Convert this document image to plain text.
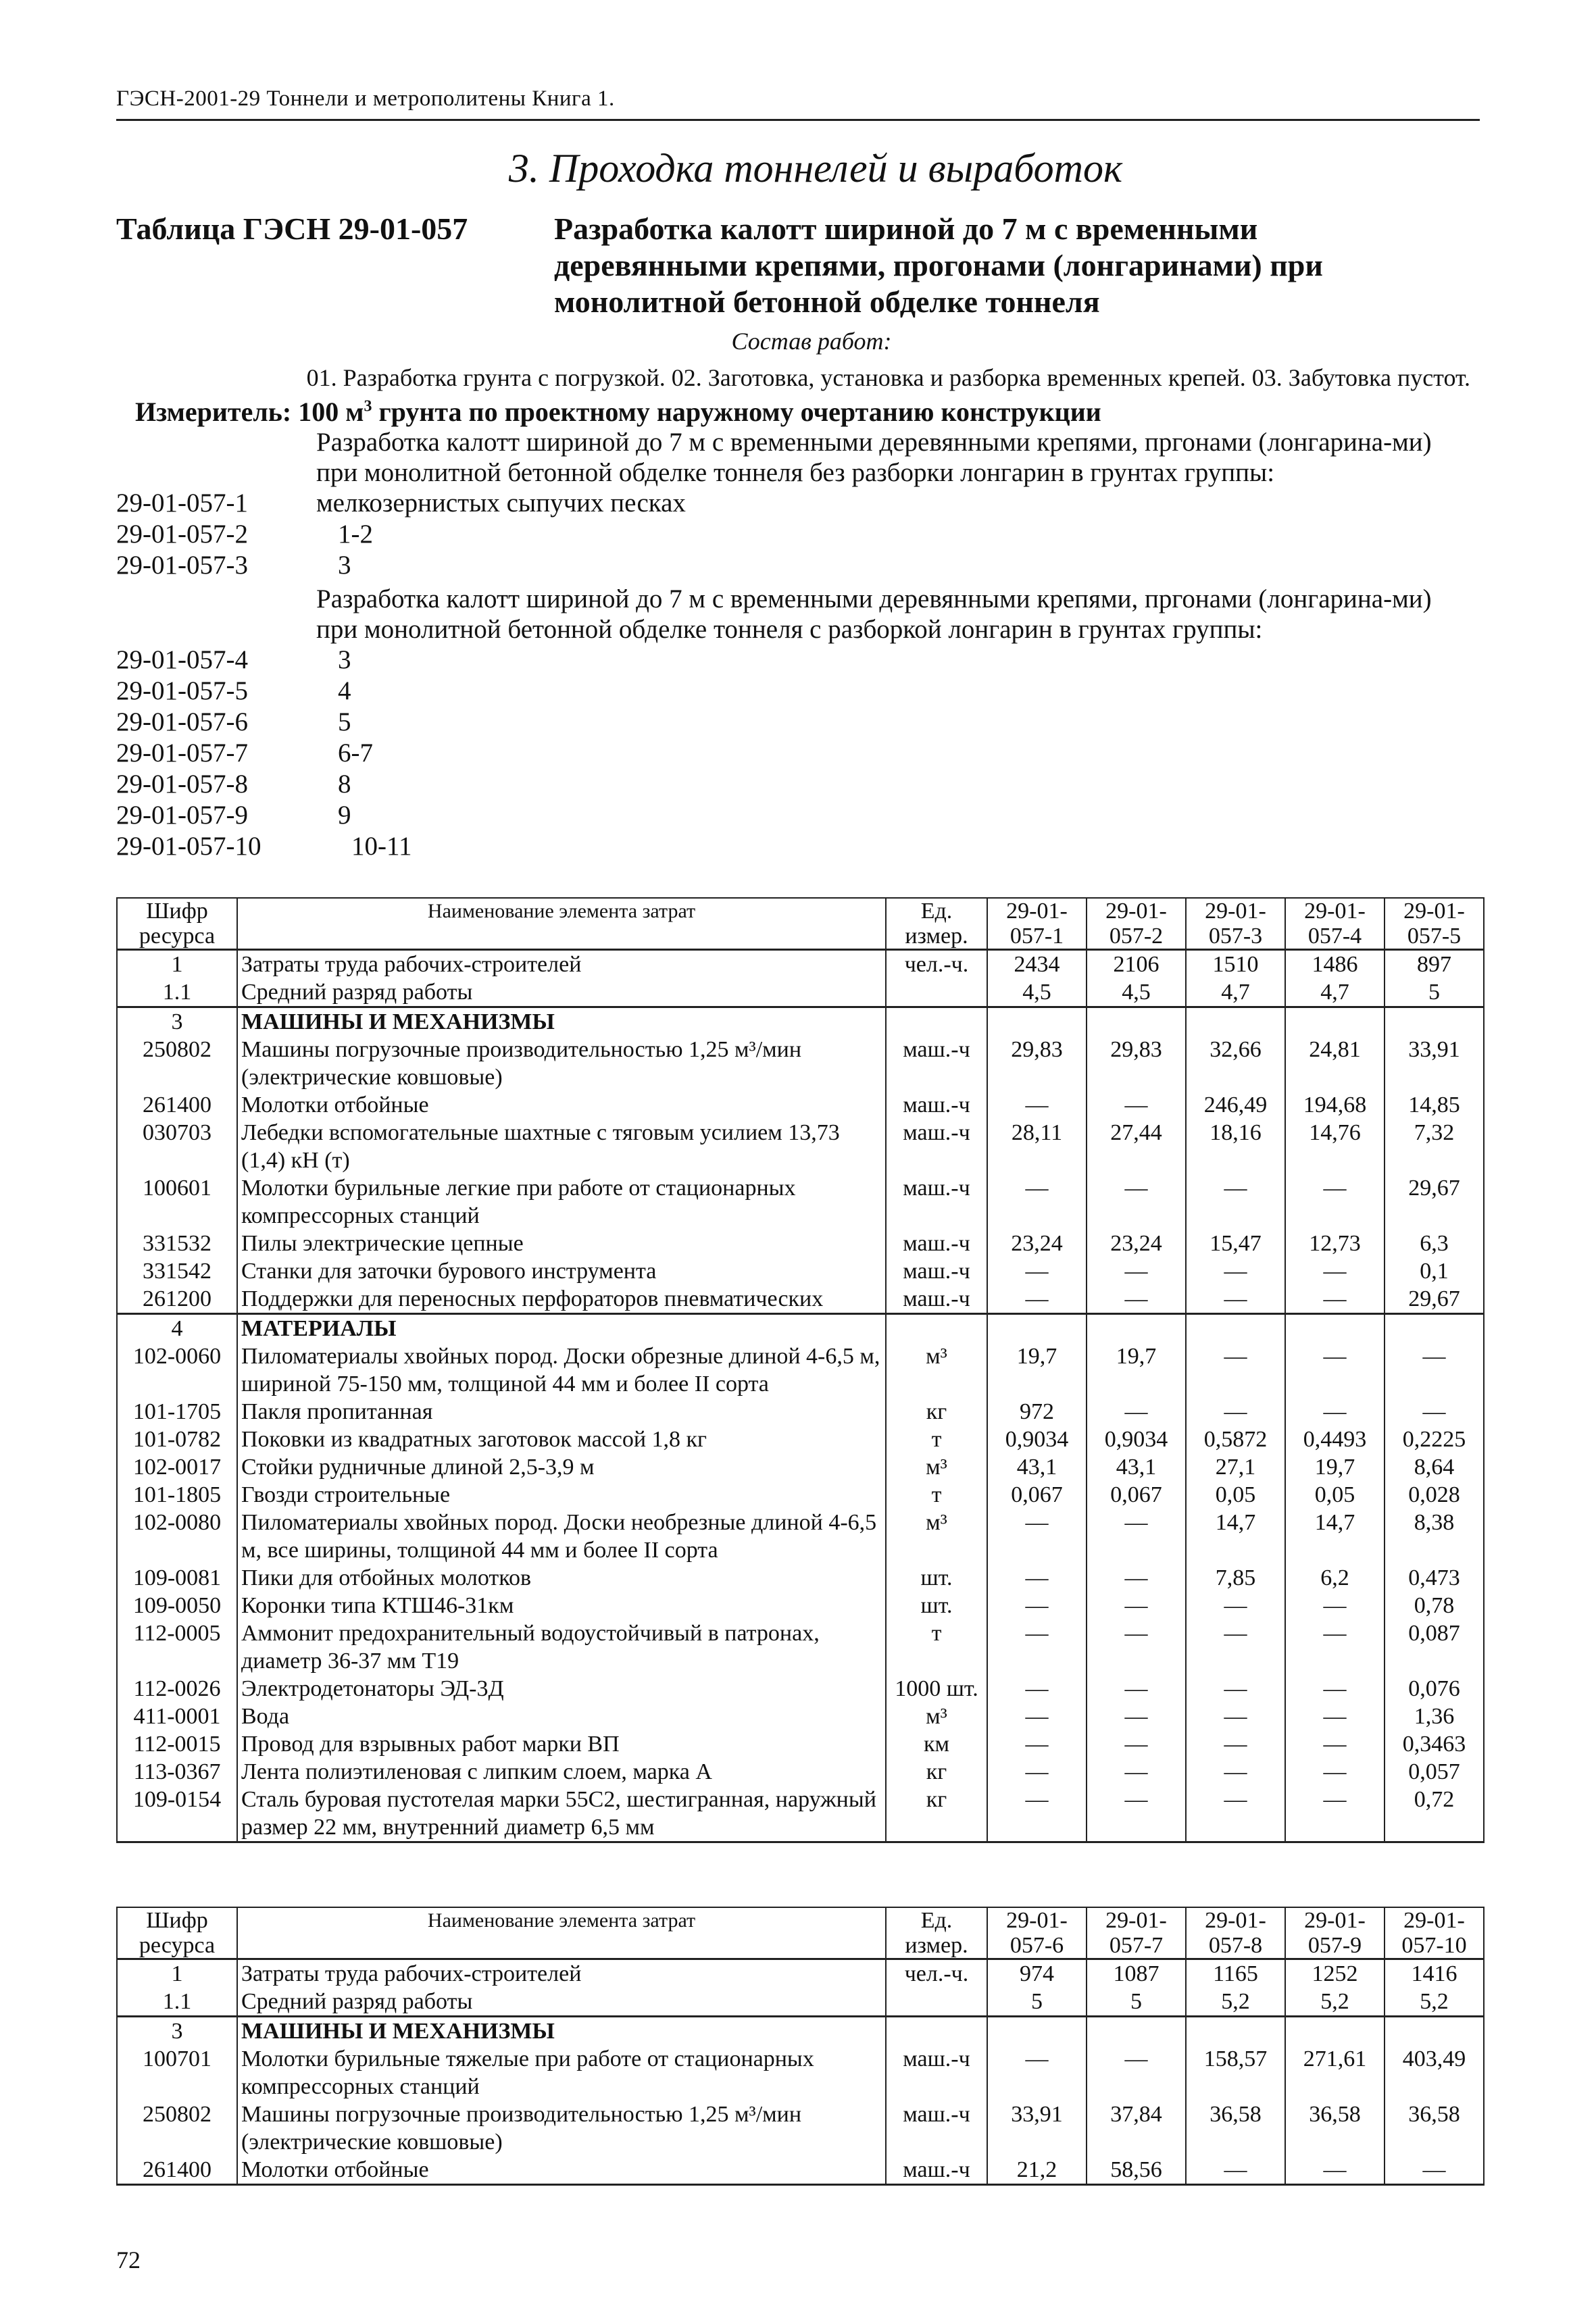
ГЭСН-2001-29 Тоннели и метрополитены Книга 1.
3. Проходка тоннелей и выработок
Таблица ГЭСН 29-01-057	Разработка калотт шириной до 7 м с временными деревянными крепями, прогонами (лонгаринами) при монолитной бетонной обделке тоннеля
Состав работ:
01. Разработка грунта с погрузкой. 02. Заготовка, установка и разборка временных крепей. 03. Забутовка пустот.
Измеритель: 100 $м^3$ грунта по проектному наружному очертанию конструкции
Разработка калотт шириной до 7 м с временными деревянными крепями, пргонами (лонгарина-ми) при монолитной бетонной обделке тоннеля без разборки лонгарин в грунтах группы:
29-01-057-1	мелкозернистых сыпучих песках
29-01-057-2	1-2
29-01-057-3	3
Разработка калотт шириной до 7 м с временными деревянными крепями, пргонами (лонгарина-ми) при монолитной бетонной обделке тоннеля с разборкой лонгарин в грунтах группы:
29-01-057-4	3
29-01-057-5	4
29-01-057-6	5
29-01-057-7	6-7
29-01-057-8	8
29-01-057-9	9
29-01-057-10	10-11
Шифр ресурса	Наименование элемента затрат	Ед. измер.	29-01-057-1	29-01-057-2	29-01-057-3	29-01-057-4	29-01-057-5
1	Затраты труда рабочих-строителей	чел.-ч.	2434	2106	1510	1486	897
1.1	Средний разряд работы		4,5	4,5	4,7	4,7	5
3	МАШИНЫ И МЕХАНИЗМЫ						
250802	Машины погрузочные производительностью 1,25 м³/мин (электрические ковшовые)	маш.-ч	29,83	29,83	32,66	24,81	33,91
261400	Молотки отбойные	маш.-ч	—	—	246,49	194,68	14,85
030703	Лебедки вспомогательные шахтные с тяговым усилием 13,73 (1,4) кН (т)	маш.-ч	28,11	27,44	18,16	14,76	7,32
100601	Молотки бурильные легкие при работе от стационарных компрессорных станций	маш.-ч	—	—	—	—	29,67
331532	Пилы электрические цепные	маш.-ч	23,24	23,24	15,47	12,73	6,3
331542	Станки для заточки бурового инструмента	маш.-ч	—	—	—	—	0,1
261200	Поддержки для переносных перфораторов пневматических	маш.-ч	—	—	—	—	29,67
4	МАТЕРИАЛЫ						
102-0060	Пиломатериалы хвойных пород. Доски обрезные длиной 4-6,5 м, шириной 75-150 мм, толщиной 44 мм и более II сорта	м³	19,7	19,7	—	—	—
101-1705	Пакля пропитанная	кг	972	—	—	—	—
101-0782	Поковки из квадратных заготовок массой 1,8 кг	т	0,9034	0,9034	0,5872	0,4493	0,2225
102-0017	Стойки рудничные длиной 2,5-3,9 м	м³	43,1	43,1	27,1	19,7	8,64
101-1805	Гвозди строительные	т	0,067	0,067	0,05	0,05	0,028
102-0080	Пиломатериалы хвойных пород. Доски необрезные длиной 4-6,5 м, все ширины, толщиной 44 мм и более II сорта	м³	—	—	14,7	14,7	8,38
109-0081	Пики для отбойных молотков	шт.	—	—	7,85	6,2	0,473
109-0050	Коронки типа КТШ46-31км	шт.	—	—	—	—	0,78
112-0005	Аммонит предохранительный водоустойчивый в патронах, диаметр 36-37 мм Т19	т	—	—	—	—	0,087
112-0026	Электродетонаторы ЭД-3Д	1000 шт.	—	—	—	—	0,076
411-0001	Вода	м³	—	—	—	—	1,36
112-0015	Провод для взрывных работ марки ВП	км	—	—	—	—	0,3463
113-0367	Лента полиэтиленовая с липким слоем, марка А	кг	—	—	—	—	0,057
109-0154	Сталь буровая пустотелая марки 55С2, шестигранная, наружный размер 22 мм, внутренний диаметр 6,5 мм	кг	—	—	—	—	0,72
Шифр ресурса	Наименование элемента затрат	Ед. измер.	29-01-057-6	29-01-057-7	29-01-057-8	29-01-057-9	29-01-057-10
1	Затраты труда рабочих-строителей	чел.-ч.	974	1087	1165	1252	1416
1.1	Средний разряд работы		5	5	5,2	5,2	5,2
3	МАШИНЫ И МЕХАНИЗМЫ						
100701	Молотки бурильные тяжелые при работе от стационарных компрессорных станций	маш.-ч	—	—	158,57	271,61	403,49
250802	Машины погрузочные производительностью 1,25 м³/мин (электрические ковшовые)	маш.-ч	33,91	37,84	36,58	36,58	36,58
261400	Молотки отбойные	маш.-ч	21,2	58,56	—	—	—
72
